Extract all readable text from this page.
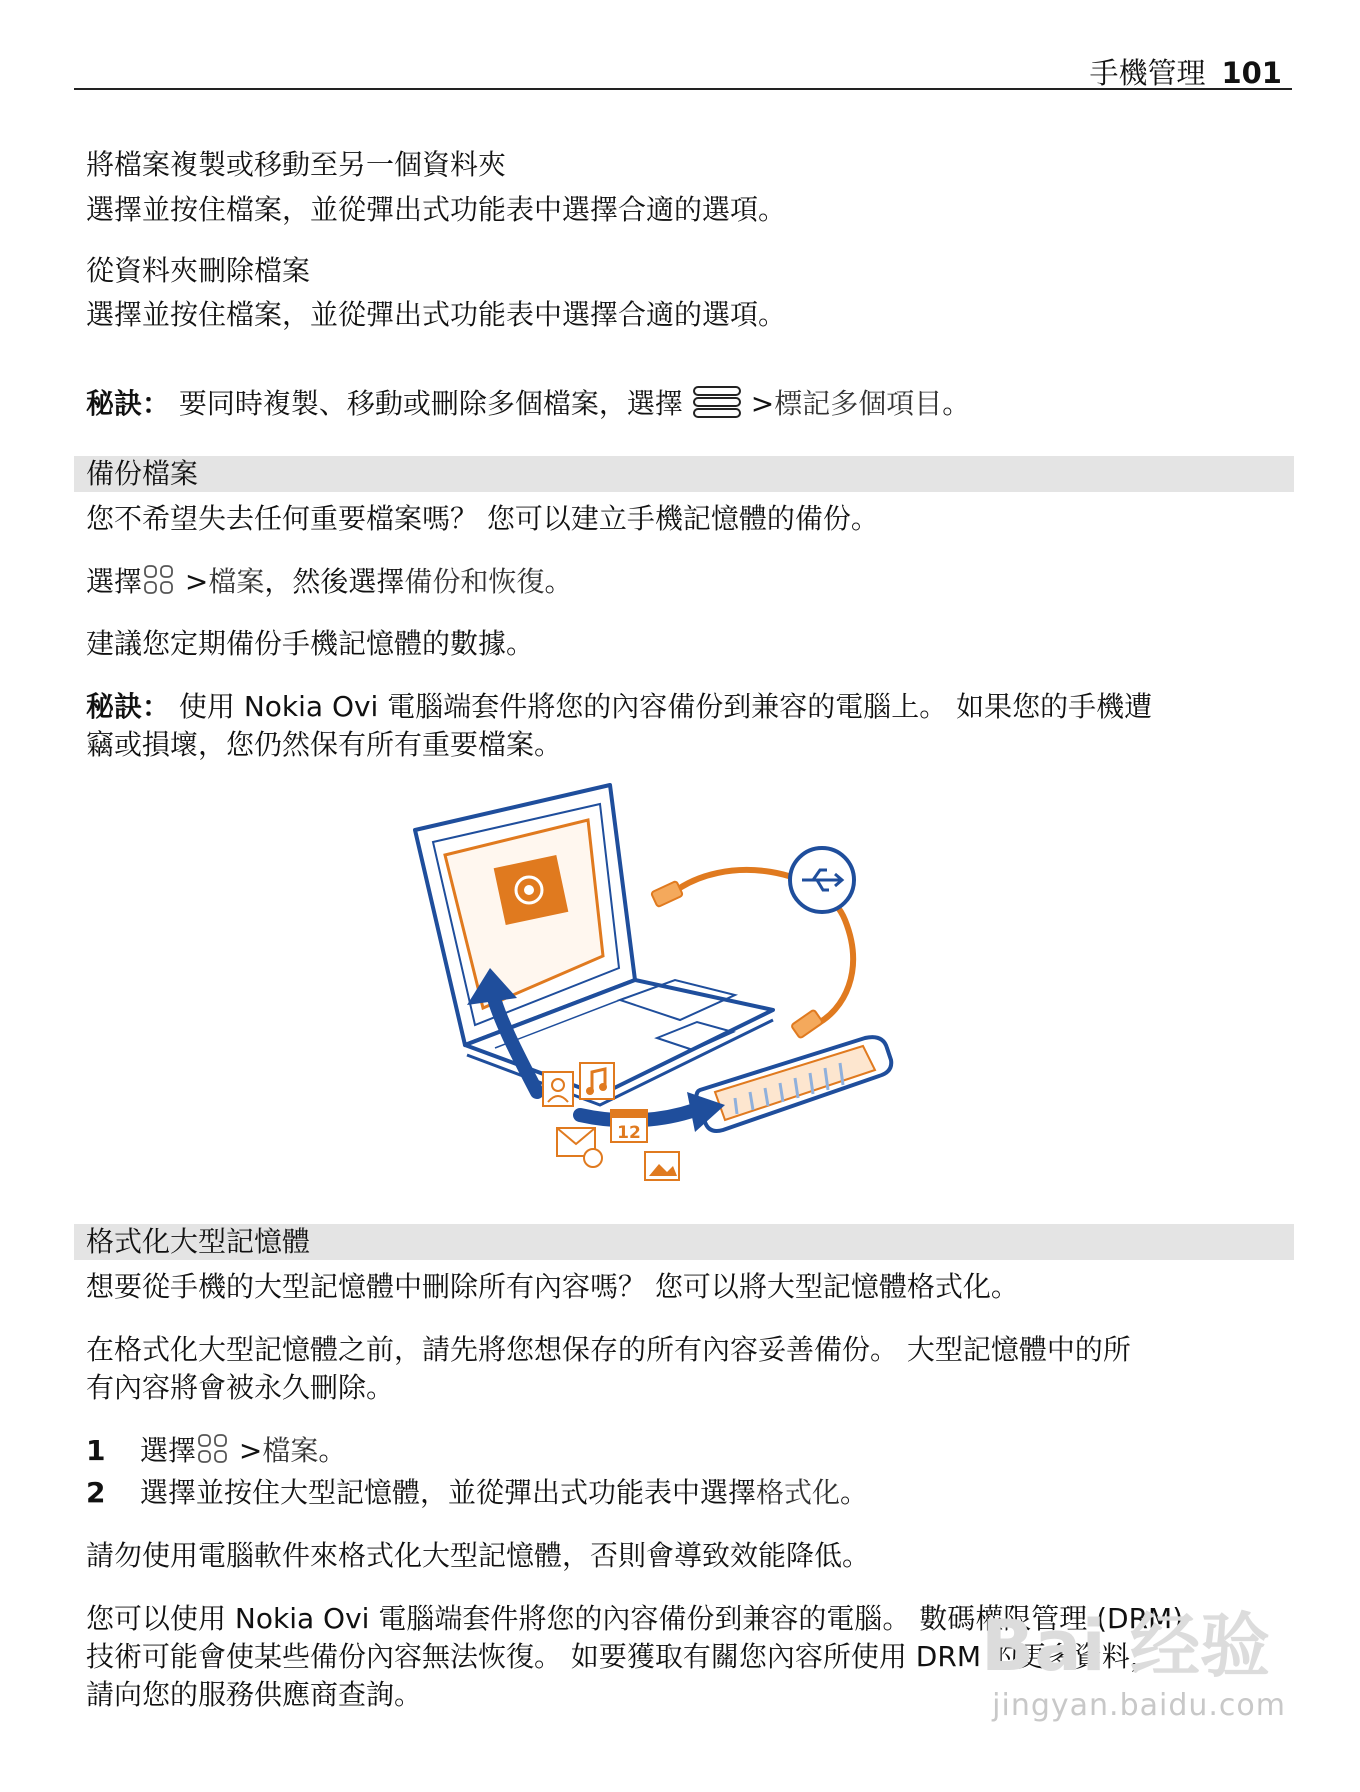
手機管理 101
將檔案複製或移動至另一個資料夾
選擇並按住檔案，並從彈出式功能表中選擇合適的選項。
從資料夾刪除檔案
選擇並按住檔案，並從彈出式功能表中選擇合適的選項。
秘訣： 要同時複製、移動或刪除多個檔案，選擇 >標記多個項目。
備份檔案
您不希望失去任何重要檔案嗎？ 您可以建立手機記憶體的備份。
選擇 >檔案，然後選擇備份和恢復。
建議您定期備份手機記憶體的數據。
秘訣： 使用 Nokia Ovi 電腦端套件將您的內容備份到兼容的電腦上。 如果您的手機遭
竊或損壞，您仍然保有所有重要檔案。
12
格式化大型記憶體
想要從手機的大型記憶體中刪除所有內容嗎？ 您可以將大型記憶體格式化。
在格式化大型記憶體之前，請先將您想保存的所有內容妥善備份。 大型記憶體中的所
有內容將會被永久刪除。
1 選擇 >檔案。
2 選擇並按住大型記憶體，並從彈出式功能表中選擇格式化。
請勿使用電腦軟件來格式化大型記憶體，否則會導致效能降低。
您可以使用 Nokia Ovi 電腦端套件將您的內容備份到兼容的電腦。 數碼權限管理 (DRM)
技術可能會使某些備份內容無法恢復。 如要獲取有關您內容所使用 DRM 的更多資料，
請向您的服務供應商查詢。
Bai 经验
jingyan.baidu.com
